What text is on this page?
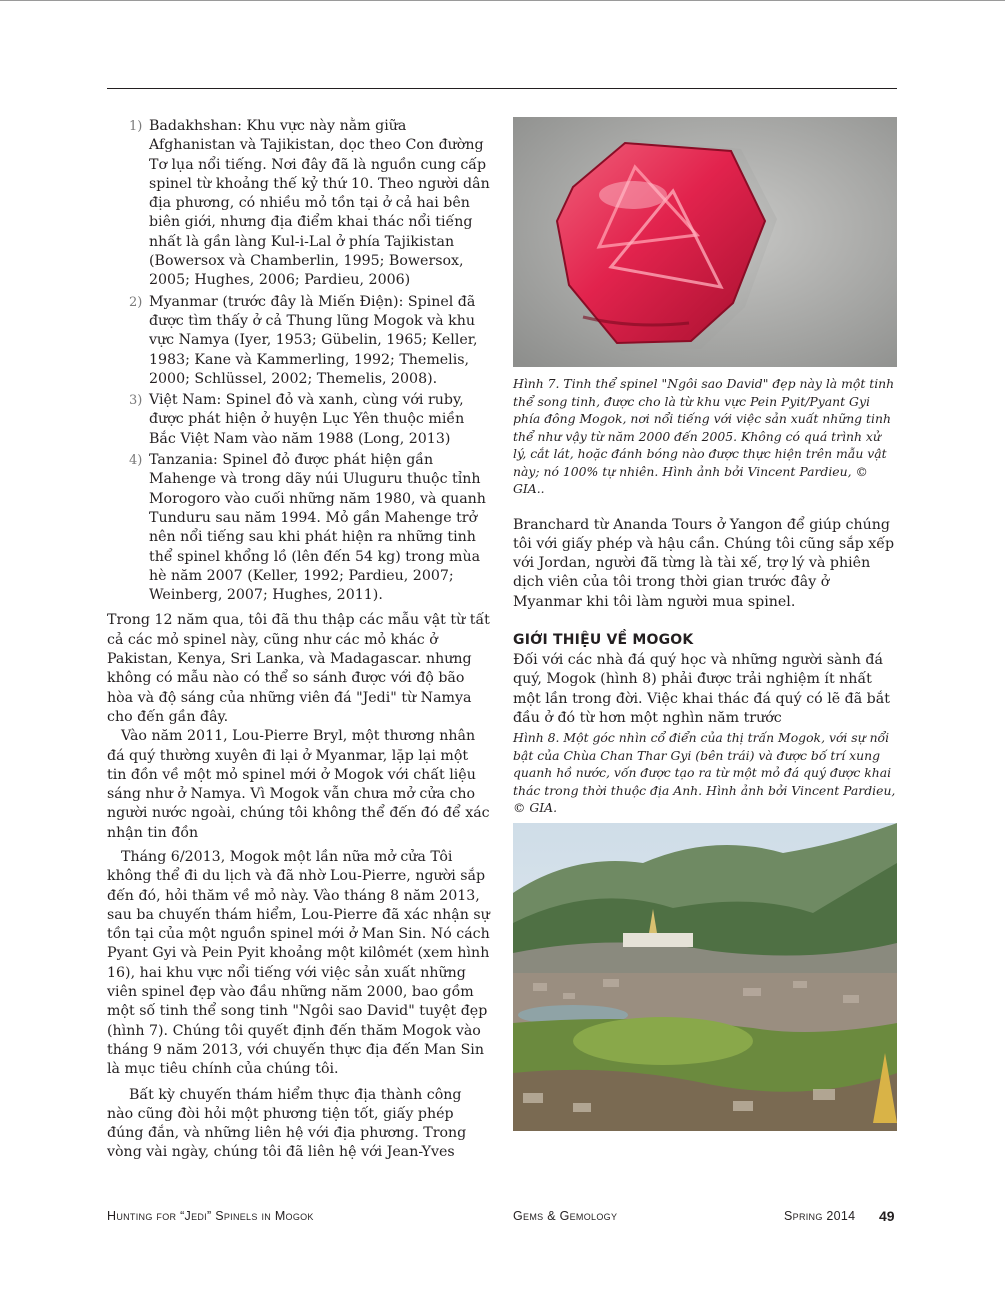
1) Badakhshan: Khu vực này nằm giữa Afghanistan và Tajikistan, dọc theo Con đường Tơ lụa nổi tiếng. Nơi đây đã là nguồn cung cấp spinel từ khoảng thế kỷ thứ 10. Theo người dân địa phương, có nhiều mỏ tồn tại ở cả hai bên biên giới, nhưng địa điểm khai thác nổi tiếng nhất là gần làng Kul-i-Lal ở phía Tajikistan (Bowersox và Chamberlin, 1995; Bowersox, 2005; Hughes, 2006; Pardieu, 2006)
2) Myanmar (trước đây là Miến Điện): Spinel đã được tìm thấy ở cả Thung lũng Mogok và khu vực Namya (Iyer, 1953; Gübelin, 1965; Keller, 1983; Kane và Kammerling, 1992; Themelis, 2000; Schlüssel, 2002; Themelis, 2008).
3) Việt Nam: Spinel đỏ và xanh, cùng với ruby, được phát hiện ở huyện Lục Yên thuộc miền Bắc Việt Nam vào năm 1988 (Long, 2013)
4) Tanzania: Spinel đỏ được phát hiện gần Mahenge và trong dãy núi Uluguru thuộc tỉnh Morogoro vào cuối những năm 1980, và quanh Tunduru sau năm 1994. Mỏ gần Mahenge trở nên nổi tiếng sau khi phát hiện ra những tinh thể spinel khổng lồ (lên đến 54 kg) trong mùa hè năm 2007 (Keller, 1992; Pardieu, 2007; Weinberg, 2007; Hughes, 2011).

Trong 12 năm qua, tôi đã thu thập các mẫu vật từ tất cả các mỏ spinel này, cũng như các mỏ khác ở Pakistan, Kenya, Sri Lanka, và Madagascar. nhưng không có mẫu nào có thể so sánh được với độ bão hòa và độ sáng của những viên đá "Jedi" từ Namya cho đến gần đây.

Vào năm 2011, Lou-Pierre Bryl, một thương nhân đá quý thường xuyên đi lại ở Myanmar, lặp lại một tin đồn về một mỏ spinel mới ở Mogok với chất liệu sáng như ở Namya. Vì Mogok vẫn chưa mở cửa cho người nước ngoài, chúng tôi không thể đến đó để xác nhận tin đồn

Tháng 6/2013, Mogok một lần nữa mở cửa Tôi không thể đi du lịch và đã nhờ Lou-Pierre, người sắp đến đó, hỏi thăm về mỏ này. Vào tháng 8 năm 2013, sau ba chuyến thám hiểm, Lou-Pierre đã xác nhận sự tồn tại của một nguồn spinel mới ở Man Sin. Nó cách Pyant Gyi và Pein Pyit khoảng một kilômét (xem hình 16), hai khu vực nổi tiếng với việc sản xuất những viên spinel đẹp vào đầu những năm 2000, bao gồm một số tinh thể song tinh "Ngôi sao David" tuyệt đẹp (hình 7). Chúng tôi quyết định đến thăm Mogok vào tháng 9 năm 2013, với chuyến thực địa đến Man Sin là mục tiêu chính của chúng tôi.

Bất kỳ chuyến thám hiểm thực địa thành công nào cũng đòi hỏi một phương tiện tốt, giấy phép đúng đắn, và những liên hệ với địa phương. Trong vòng vài ngày, chúng tôi đã liên hệ với Jean-Yves

Hình 7. Tinh thể spinel "Ngôi sao David" đẹp này là một tinh thể song tinh, được cho là từ khu vực Pein Pyit/Pyant Gyi phía đông Mogok, nơi nổi tiếng với việc sản xuất những tinh thể như vậy từ năm 2000 đến 2005. Không có quá trình xử lý, cắt lát, hoặc đánh bóng nào được thực hiện trên mẫu vật này; nó 100% tự nhiên. Hình ảnh bởi Vincent Pardieu, © GIA..

Branchard từ Ananda Tours ở Yangon để giúp chúng tôi với giấy phép và hậu cần. Chúng tôi cũng sắp xếp với Jordan, người đã từng là tài xế, trợ lý và phiên dịch viên của tôi trong thời gian trước đây ở Myanmar khi tôi làm người mua spinel.

GIỚI THIỆU VỀ MOGOK

Đối với các nhà đá quý học và những người sành đá quý, Mogok (hình 8) phải được trải nghiệm ít nhất một lần trong đời. Việc khai thác đá quý có lẽ đã bắt đầu ở đó từ hơn một nghìn năm trước

Hình 8. Một góc nhìn cổ điển của thị trấn Mogok, với sự nổi bật của Chùa Chan Thar Gyi (bên trái) và được bố trí xung quanh hồ nước, vốn được tạo ra từ một mỏ đá quý được khai thác trong thời thuộc địa Anh. Hình ảnh bởi Vincent Pardieu, © GIA.

Hunting for “Jedi” Spinels in Mogok	Gems & Gemology	Spring 2014 49
